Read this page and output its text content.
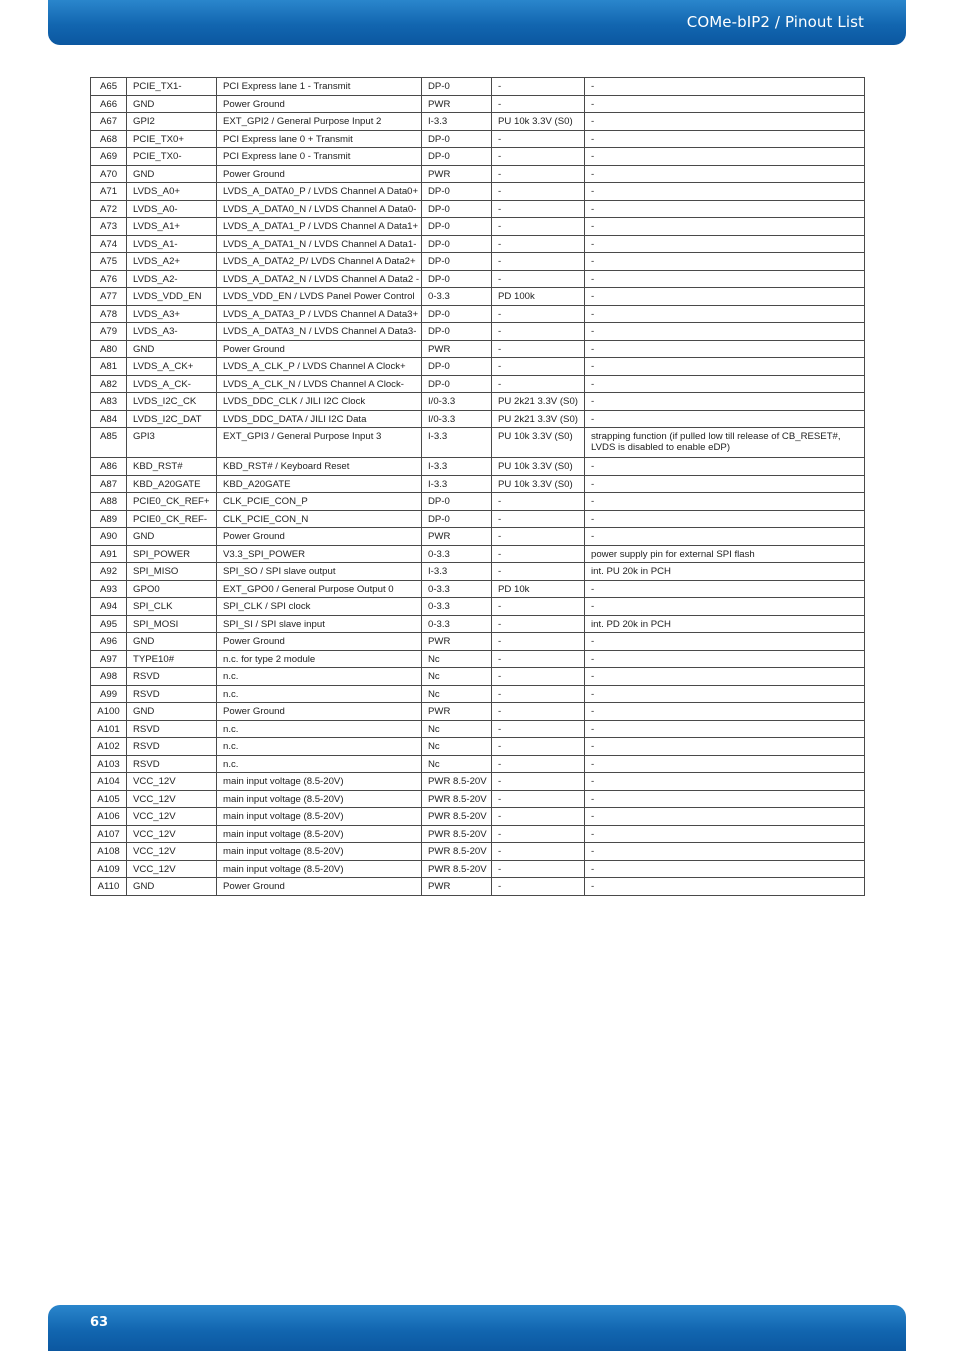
COMe-bIP2 / Pinout List
A65	PCIE_TX1-	PCI Express lane 1 - Transmit	DP-0	-	-
A66	GND	Power Ground	PWR	-	-
A67	GPI2	EXT_GPI2 / General Purpose Input 2	I-3.3	PU 10k 3.3V (S0)	-
A68	PCIE_TX0+	PCI Express lane 0 + Transmit	DP-0	-	-
A69	PCIE_TX0-	PCI Express lane 0 - Transmit	DP-0	-	-
A70	GND	Power Ground	PWR	-	-
A71	LVDS_A0+	LVDS_A_DATA0_P / LVDS Channel A Data0+	DP-0	-	-
A72	LVDS_A0-	LVDS_A_DATA0_N / LVDS Channel A Data0-	DP-0	-	-
A73	LVDS_A1+	LVDS_A_DATA1_P / LVDS Channel A Data1+	DP-0	-	-
A74	LVDS_A1-	LVDS_A_DATA1_N / LVDS Channel A Data1-	DP-0	-	-
A75	LVDS_A2+	LVDS_A_DATA2_P/ LVDS Channel A Data2+	DP-0	-	-
A76	LVDS_A2-	LVDS_A_DATA2_N / LVDS Channel A Data2 -	DP-0	-	-
A77	LVDS_VDD_EN	LVDS_VDD_EN / LVDS Panel Power Control	0-3.3	PD 100k	-
A78	LVDS_A3+	LVDS_A_DATA3_P / LVDS Channel A Data3+	DP-0	-	-
A79	LVDS_A3-	LVDS_A_DATA3_N / LVDS Channel A Data3-	DP-0	-	-
A80	GND	Power Ground	PWR	-	-
A81	LVDS_A_CK+	LVDS_A_CLK_P / LVDS Channel A Clock+	DP-0	-	-
A82	LVDS_A_CK-	LVDS_A_CLK_N / LVDS Channel A Clock-	DP-0	-	-
A83	LVDS_I2C_CK	LVDS_DDC_CLK / JILI I2C Clock	I/0-3.3	PU 2k21 3.3V (S0)	-
A84	LVDS_I2C_DAT	LVDS_DDC_DATA / JILI I2C Data	I/0-3.3	PU 2k21 3.3V (S0)	-
A85	GPI3	EXT_GPI3 / General Purpose Input 3	I-3.3	PU 10k 3.3V (S0)	strapping function (if pulled low till release of CB_RESET#, LVDS is disabled to enable eDP)
A86	KBD_RST#	KBD_RST# / Keyboard Reset	I-3.3	PU 10k 3.3V (S0)	-
A87	KBD_A20GATE	KBD_A20GATE	I-3.3	PU 10k 3.3V (S0)	-
A88	PCIE0_CK_REF+	CLK_PCIE_CON_P	DP-0	-	-
A89	PCIE0_CK_REF-	CLK_PCIE_CON_N	DP-0	-	-
A90	GND	Power Ground	PWR	-	-
A91	SPI_POWER	V3.3_SPI_POWER	0-3.3	-	power supply pin for external SPI flash
A92	SPI_MISO	SPI_SO / SPI slave output	I-3.3	-	int. PU 20k in PCH
A93	GPO0	EXT_GPO0 / General Purpose Output 0	0-3.3	PD 10k	-
A94	SPI_CLK	SPI_CLK / SPI clock	0-3.3	-	-
A95	SPI_MOSI	SPI_SI / SPI slave input	0-3.3	-	int. PD 20k in PCH
A96	GND	Power Ground	PWR	-	-
A97	TYPE10#	n.c. for type 2 module	Nc	-	-
A98	RSVD	n.c.	Nc	-	-
A99	RSVD	n.c.	Nc	-	-
A100	GND	Power Ground	PWR	-	-
A101	RSVD	n.c.	Nc	-	-
A102	RSVD	n.c.	Nc	-	-
A103	RSVD	n.c.	Nc	-	-
A104	VCC_12V	main input voltage (8.5-20V)	PWR 8.5-20V	-	-
A105	VCC_12V	main input voltage (8.5-20V)	PWR 8.5-20V	-	-
A106	VCC_12V	main input voltage (8.5-20V)	PWR 8.5-20V	-	-
A107	VCC_12V	main input voltage (8.5-20V)	PWR 8.5-20V	-	-
A108	VCC_12V	main input voltage (8.5-20V)	PWR 8.5-20V	-	-
A109	VCC_12V	main input voltage (8.5-20V)	PWR 8.5-20V	-	-
A110	GND	Power Ground	PWR	-	-
63
